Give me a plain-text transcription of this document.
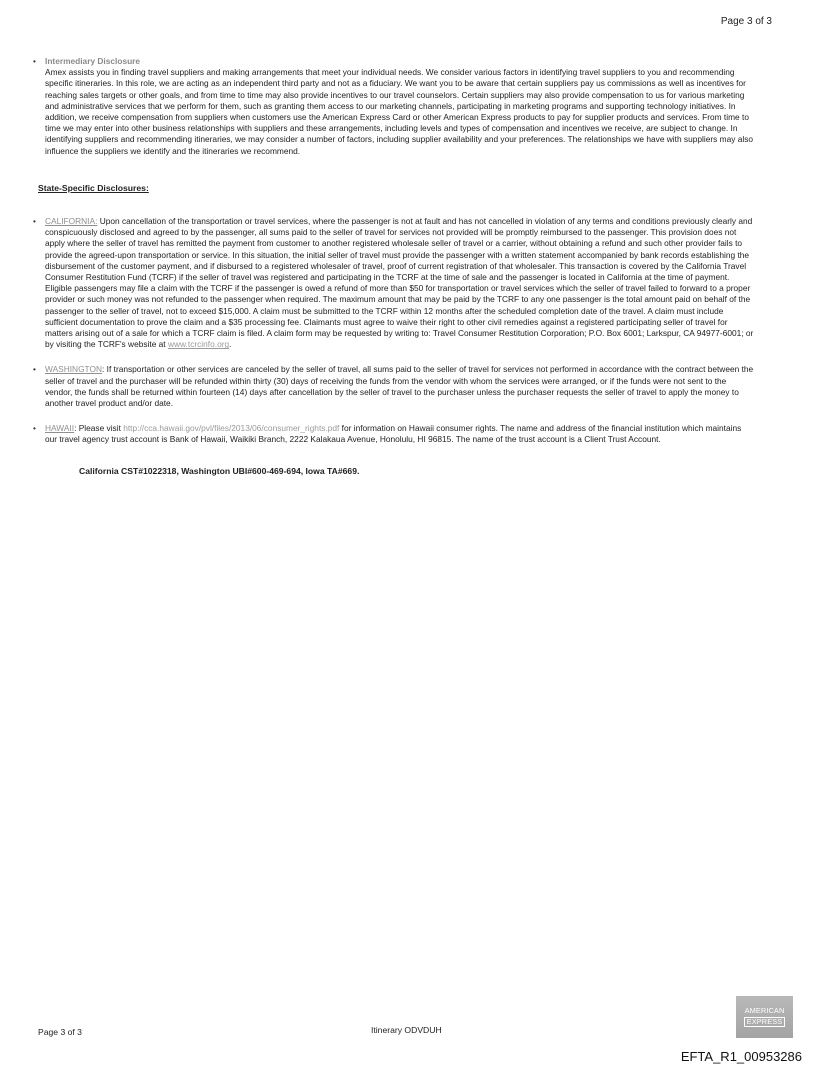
Page 3 of 3
• Intermediary Disclosure
Amex assists you in finding travel suppliers and making arrangements that meet your individual needs. We consider various factors in identifying travel suppliers to you and recommending specific itineraries. In this role, we are acting as an independent third party and not as a fiduciary. We want you to be aware that certain suppliers pay us commissions as well as incentives for reaching sales targets or other goals, and from time to time may also provide incentives to our travel counselors. Certain suppliers may also provide compensation to us for various marketing and administrative services that we perform for them, such as granting them access to our marketing channels, participating in marketing programs and supporting technology initiatives. In addition, we receive compensation from suppliers when customers use the American Express Card or other American Express products to pay for supplier products and services. From time to time we may enter into other business relationships with suppliers and these arrangements, including levels and types of compensation and incentives we receive, are subject to change. In identifying suppliers and recommending itineraries, we may consider a number of factors, including supplier availability and your preferences. The relationships we have with suppliers may also influence the suppliers we identify and the itineraries we recommend.
State-Specific Disclosures:
• CALIFORNIA: Upon cancellation of the transportation or travel services, where the passenger is not at fault and has not cancelled in violation of any terms and conditions previously clearly and conspicuously disclosed and agreed to by the passenger, all sums paid to the seller of travel for services not provided will be promptly reimbursed to the passenger. This provision does not apply where the seller of travel has remitted the payment from customer to another registered wholesale seller of travel or a carrier, without obtaining a refund and such other provider fails to provide the agreed-upon transportation or service. In this situation, the initial seller of travel must provide the passenger with a written statement accompanied by bank records establishing the disbursement of the customer payment, and if disbursed to a registered wholesaler of travel, proof of current registration of that wholesaler. This transaction is covered by the California Travel Consumer Restitution Fund (TCRF) if the seller of travel was registered and participating in the TCRF at the time of sale and the passenger is located in California at the time of payment. Eligible passengers may file a claim with the TCRF if the passenger is owed a refund of more than $50 for transportation or travel services which the seller of travel failed to forward to a proper provider or such money was not refunded to the passenger when required. The maximum amount that may be paid by the TCRF to any one passenger is the total amount paid on behalf of the passenger to the seller of travel, not to exceed $15,000. A claim must be submitted to the TCRF within 12 months after the scheduled completion date of the travel. A claim must include sufficient documentation to prove the claim and a $35 processing fee. Claimants must agree to waive their right to other civil remedies against a registered participating seller of travel for matters arising out of a sale for which a TCRF claim is filed. A claim form may be requested by writing to: Travel Consumer Restitution Corporation; P.O. Box 6001; Larkspur, CA 94977-6001; or by visiting the TCRF's website at www.tcrcinfo.org.
• WASHINGTON: If transportation or other services are canceled by the seller of travel, all sums paid to the seller of travel for services not performed in accordance with the contract between the seller of travel and the purchaser will be refunded within thirty (30) days of receiving the funds from the vendor with whom the services were arranged, or if the funds were not sent to the vendor, the funds shall be returned within fourteen (14) days after cancellation by the seller of travel to the purchaser unless the purchaser requests the seller of travel to apply the money to another travel product and/or date.
• HAWAII: Please visit http://cca.hawaii.gov/pvl/files/2013/06/consumer_rights.pdf for information on Hawaii consumer rights. The name and address of the financial institution which maintains our travel agency trust account is Bank of Hawaii, Waikiki Branch, 2222 Kalakaua Avenue, Honolulu, HI 96815. The name of the trust account is a Client Trust Account.
California CST#1022318, Washington UBI#600-469-694, Iowa TA#669.
Page 3 of 3	Itinerary ODVDUH
AMERICAN
EXPRESS
EFTA_R1_00953286
